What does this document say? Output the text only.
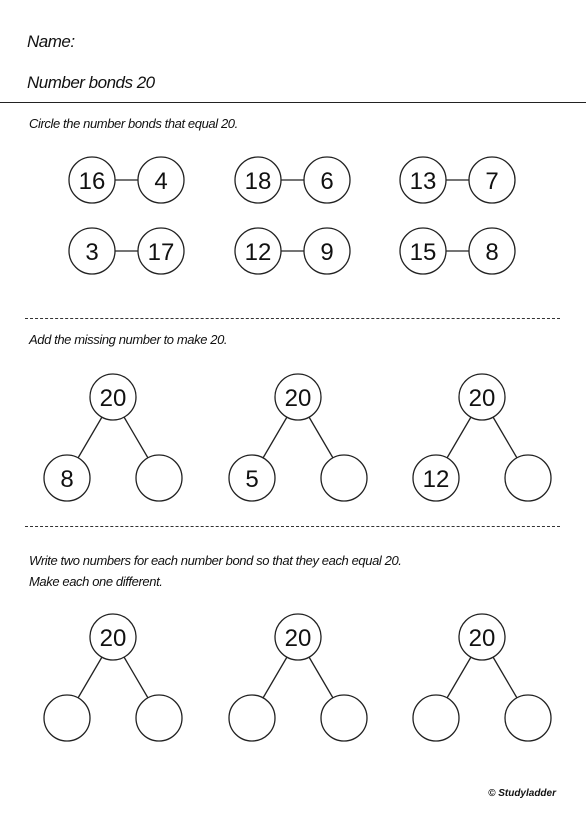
Name:
Number bonds 20
Circle the number bonds that equal 20.
Add the missing number to make 20.
Write two numbers for each number bond so that they each equal 20.
Make each one different.
16 4	18 6	13 7
3 17	12 9	15 8
20
8
20
5
20
12
20	20	20
© Studyladder
